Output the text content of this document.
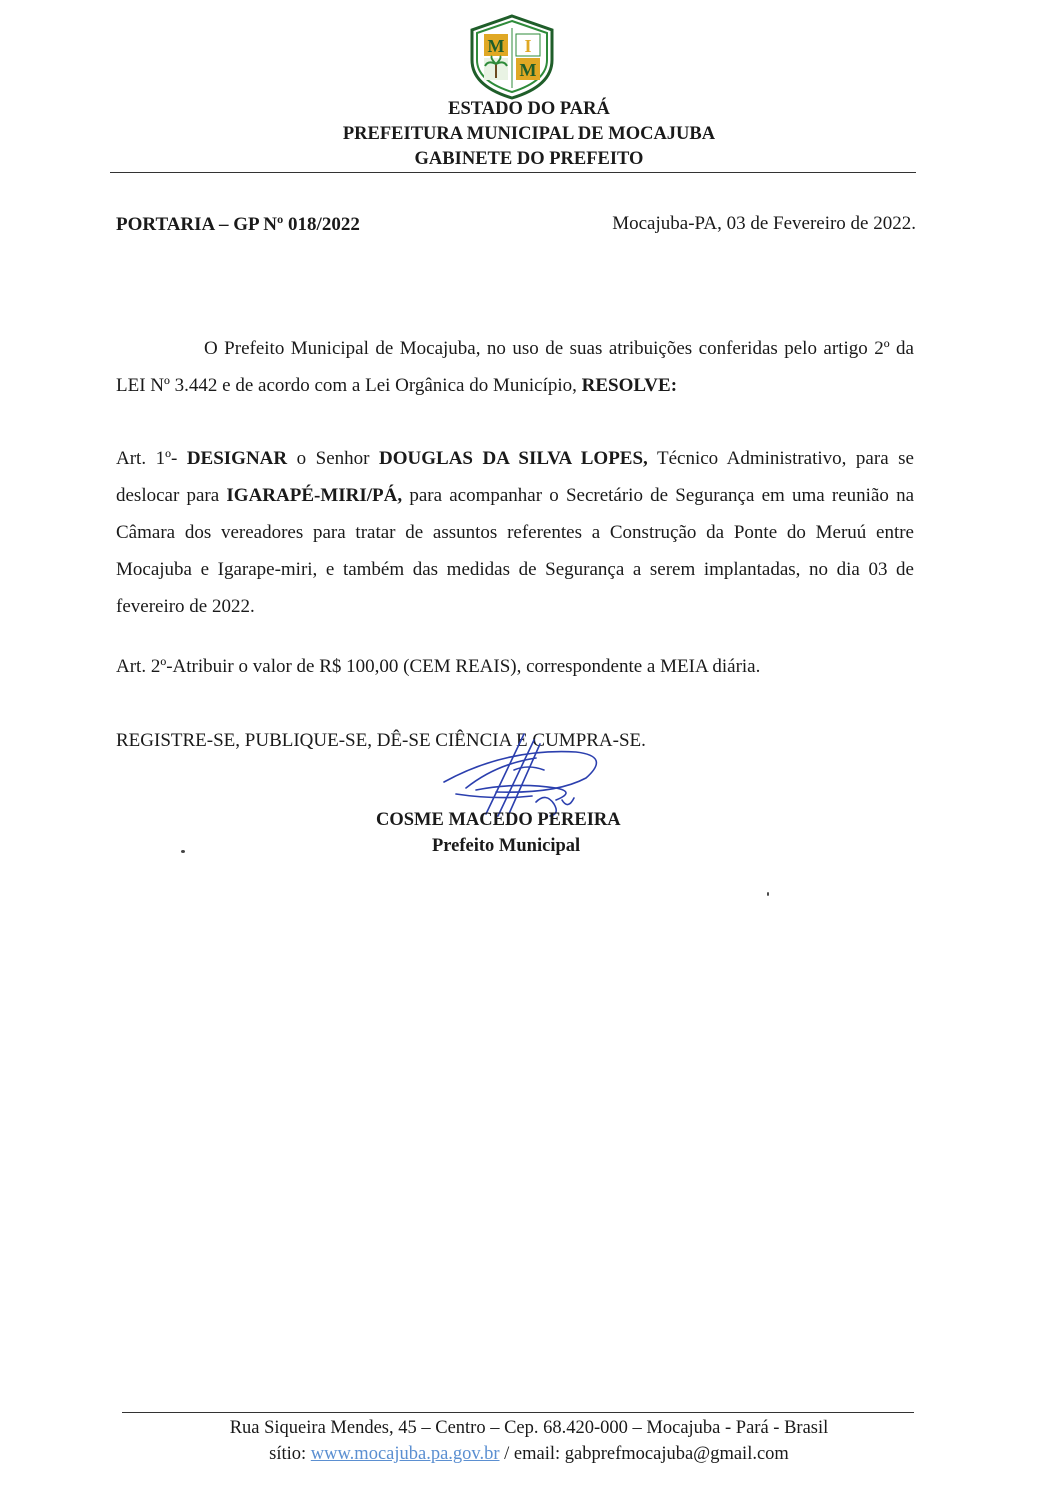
M I
M
ESTADO DO PARÁ
PREFEITURA MUNICIPAL DE MOCAJUBA
GABINETE DO PREFEITO
PORTARIA – GP Nº 018/2022	Mocajuba-PA, 03 de Fevereiro de 2022.
O Prefeito Municipal de Mocajuba, no uso de suas atribuições conferidas pelo artigo 2º da LEI Nº 3.442 e de acordo com a Lei Orgânica do Município, RESOLVE:
Art. 1º- DESIGNAR o Senhor DOUGLAS DA SILVA LOPES, Técnico Administrativo, para se deslocar para IGARAPÉ-MIRI/PÁ, para acompanhar o Secretário de Segurança em uma reunião na Câmara dos vereadores para tratar de assuntos referentes a Construção da Ponte do Meruú entre Mocajuba e Igarape-miri, e também das medidas de Segurança a serem implantadas, no dia 03 de fevereiro de 2022.
Art. 2º-Atribuir o valor de R$ 100,00 (CEM REAIS), correspondente a MEIA diária.
REGISTRE-SE, PUBLIQUE-SE, DÊ-SE CIÊNCIA E CUMPRA-SE.
COSME MACEDO PEREIRA
Prefeito Municipal
Rua Siqueira Mendes, 45 – Centro – Cep. 68.420-000 – Mocajuba - Pará - Brasil
sítio: www.mocajuba.pa.gov.br / email: gabprefmocajuba@gmail.com
